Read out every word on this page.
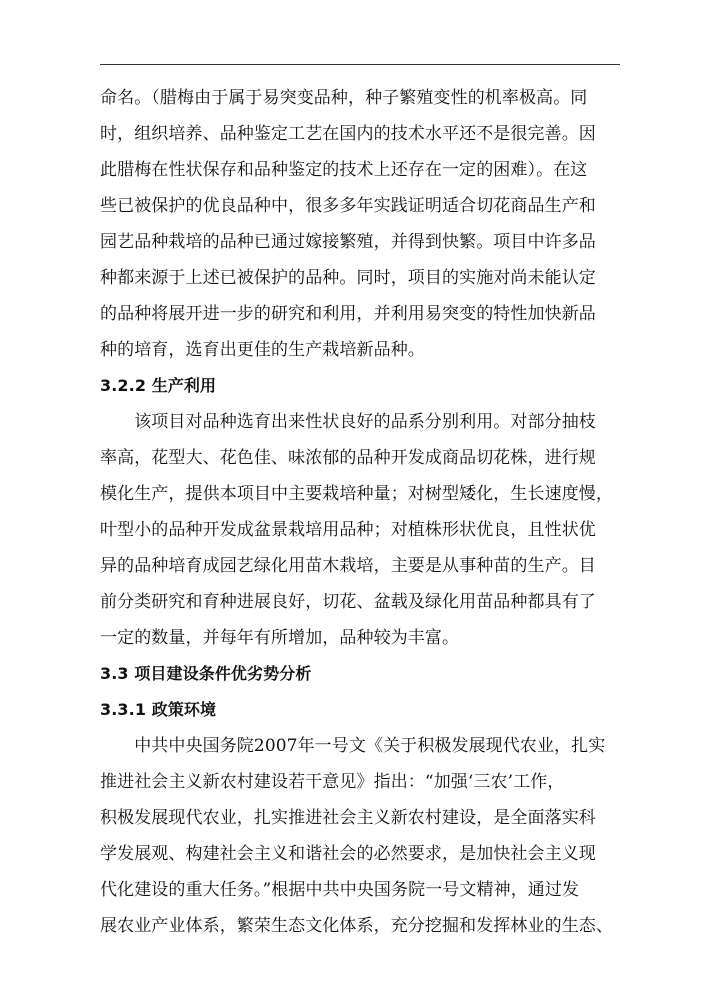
命名。（腊梅由于属于易突变品种，种子繁殖变性的机率极高。同
时，组织培养、品种鉴定工艺在国内的技术水平还不是很完善。因
此腊梅在性状保存和品种鉴定的技术上还存在一定的困难）。在这
些已被保护的优良品种中，很多多年实践证明适合切花商品生产和
园艺品种栽培的品种已通过嫁接繁殖，并得到快繁。项目中许多品
种都来源于上述已被保护的品种。同时，项目的实施对尚未能认定
的品种将展开进一步的研究和利用，并利用易突变的特性加快新品
种的培育，选育出更佳的生产栽培新品种。
3.2.2 生产利用
　　该项目对品种选育出来性状良好的品系分别利用。对部分抽枝
率高，花型大、花色佳、味浓郁的品种开发成商品切花株，进行规
模化生产，提供本项目中主要栽培种量；对树型矮化，生长速度慢，
叶型小的品种开发成盆景栽培用品种；对植株形状优良，且性状优
异的品种培育成园艺绿化用苗木栽培，主要是从事种苗的生产。目
前分类研究和育种进展良好，切花、盆载及绿化用苗品种都具有了
一定的数量，并每年有所增加，品种较为丰富。
3.3 项目建设条件优劣势分析
3.3.1 政策环境
　　中共中央国务院2007年一号文《关于积极发展现代农业，扎实
推进社会主义新农村建设若干意见》指出：“加强‘三农’工作，
积极发展现代农业，扎实推进社会主义新农村建设，是全面落实科
学发展观、构建社会主义和谐社会的必然要求，是加快社会主义现
代化建设的重大任务。”根据中共中央国务院一号文精神，通过发
展农业产业体系，繁荣生态文化体系，充分挖掘和发挥林业的生态、
